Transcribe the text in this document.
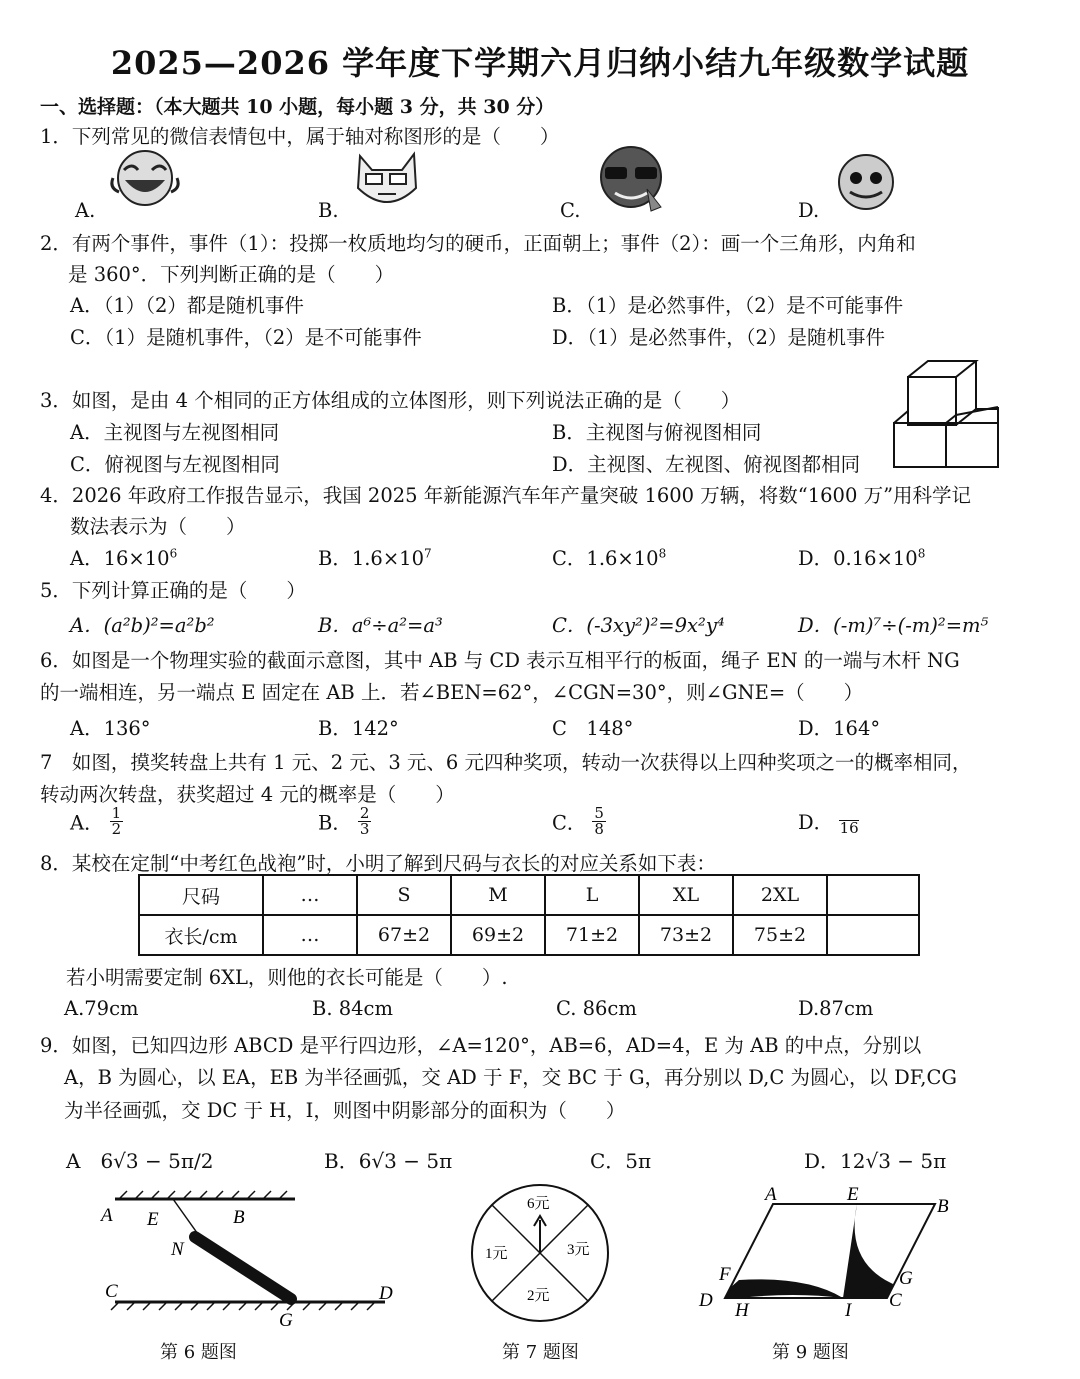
2025—2026 学年度下学期六月归纳小结九年级数学试题
一、选择题：（本大题共 10 小题，每小题 3 分，共 30 分）
1．下列常见的微信表情包中，属于轴对称图形的是（　　）
A.	B.	C.	D.
2．有两个事件，事件（1）：投掷一枚质地均匀的硬币，正面朝上；事件（2）：画一个三角形，内角和
是 360°．下列判断正确的是（　　）
A．（1）（2）都是随机事件	B．（1）是必然事件，（2）是不可能事件
C．（1）是随机事件，（2）是不可能事件	D．（1）是必然事件，（2）是随机事件
3．如图，是由 4 个相同的正方体组成的立体图形，则下列说法正确的是（　　）
A．主视图与左视图相同	B．主视图与俯视图相同
C．俯视图与左视图相同	D．主视图、左视图、俯视图都相同
4．2026 年政府工作报告显示，我国 2025 年新能源汽车年产量突破 1600 万辆，将数“1600 万”用科学记
数法表示为（　　）
A．$16\times 10^6$	B．$1.6\times 10^7$	C．$1.6\times 10^8$	D．$0.16\times 10^8$
5．下列计算正确的是（　　）
A．(a²b)²=a²b²	B．a⁶÷a²=a³	C．(-3xy²)²=9x²y⁴	D．(-m)⁷÷(-m)²=m⁵
6．如图是一个物理实验的截面示意图，其中 AB 与 CD 表示互相平行的板面，绳子 EN 的一端与木杆 NG
的一端相连，另一端点 E 固定在 AB 上．若∠BEN=62°，∠CGN=30°，则∠GNE=（　　）
A．136°	B．142°	C　148°	D．164°
7　如图，摸奖转盘上共有 1 元、2 元、3 元、6 元四种奖项，转动一次获得以上四种奖项之一的概率相同，
转动两次转盘，获奖超过 4 元的概率是（　　）
A． $\frac{1}{2}$	B． $\frac{2}{3}$	C． $\frac{5}{8}$	D． 16
8．某校在定制“中考红色战袍”时，小明了解到尺码与衣长的对应关系如下表：
尺码	…	S	M	L	XL	2XL	
衣长/cm	…	67±2	69±2	71±2	73±2	75±2	
若小明需要定制 6XL，则他的衣长可能是（　　）.
A.79cm	B. 84cm	C. 86cm	D.87cm
9．如图，已知四边形 ABCD 是平行四边形，∠A=120°，AB=6，AD=4，E 为 AB 的中点，分别以
A，B 为圆心，以 EA，EB 为半径画弧，交 AD 于 F，交 BC 于 G，再分别以 D,C 为圆心，以 DF,CG
为半径画弧，交 DC 于 H，I，则图中阴影部分的面积为（　　）
A　6√3 − 5π/2	B．6√3 − 5π	C．5π	D．12√3 − 5π
A E	B
N
C	D
G
第 6 题图
6元
1元	3元
2元
第 7 题图
A	E
B
F	G
D H	I C
第 9 题图
